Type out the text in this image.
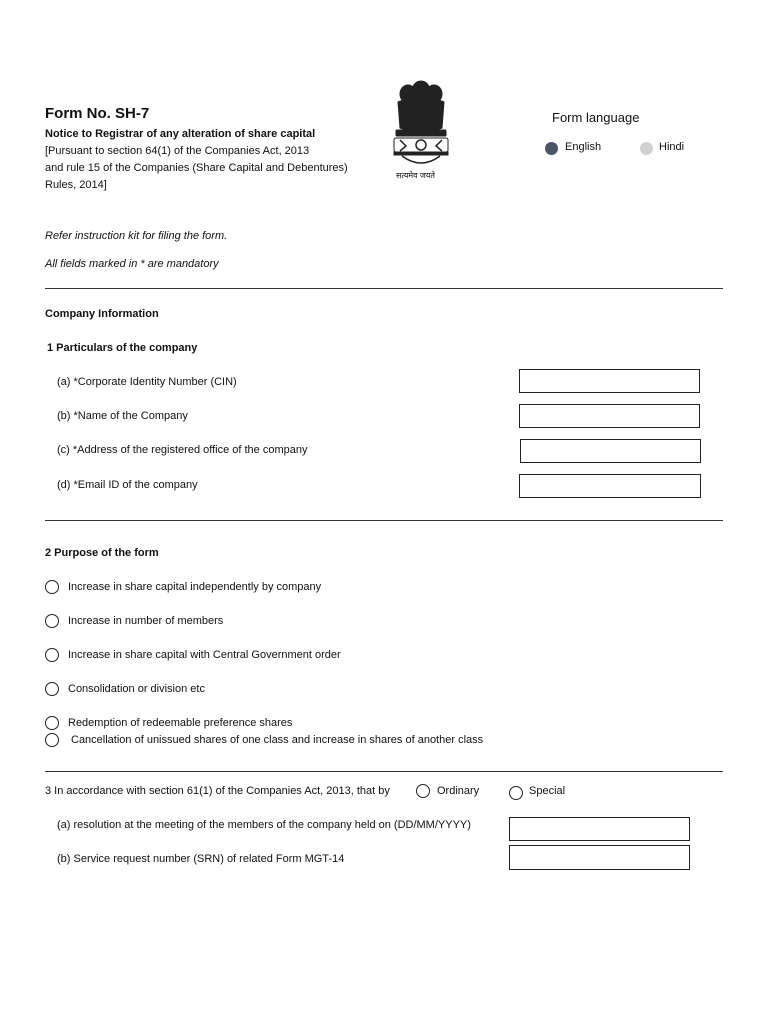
Form No. SH-7
Notice to Registrar of any alteration of share capital
[Pursuant to section 64(1) of the Companies Act, 2013
and rule 15 of the Companies (Share Capital and Debentures)
Rules, 2014]
सत्यमेव जयते
Form language
English	Hindi
Refer instruction kit for filing the form.
All fields marked in * are mandatory
Company Information
1 Particulars of the company
(a) *Corporate Identity Number (CIN)
(b) *Name of the Company
(c) *Address of the registered office of the company
(d) *Email ID of the company
2 Purpose of the form
Increase in share capital independently by company
Increase in number of members
Increase in share capital with Central Government order
Consolidation or division etc
Redemption of redeemable preference shares
Cancellation of unissued shares of one class and increase in shares of another class
3 In accordance with section 61(1) of the Companies Act, 2013, that by	Ordinary	Special
(a) resolution at the meeting of the members of the company held on (DD/MM/YYYY)
(b) Service request number (SRN) of related Form MGT-14
